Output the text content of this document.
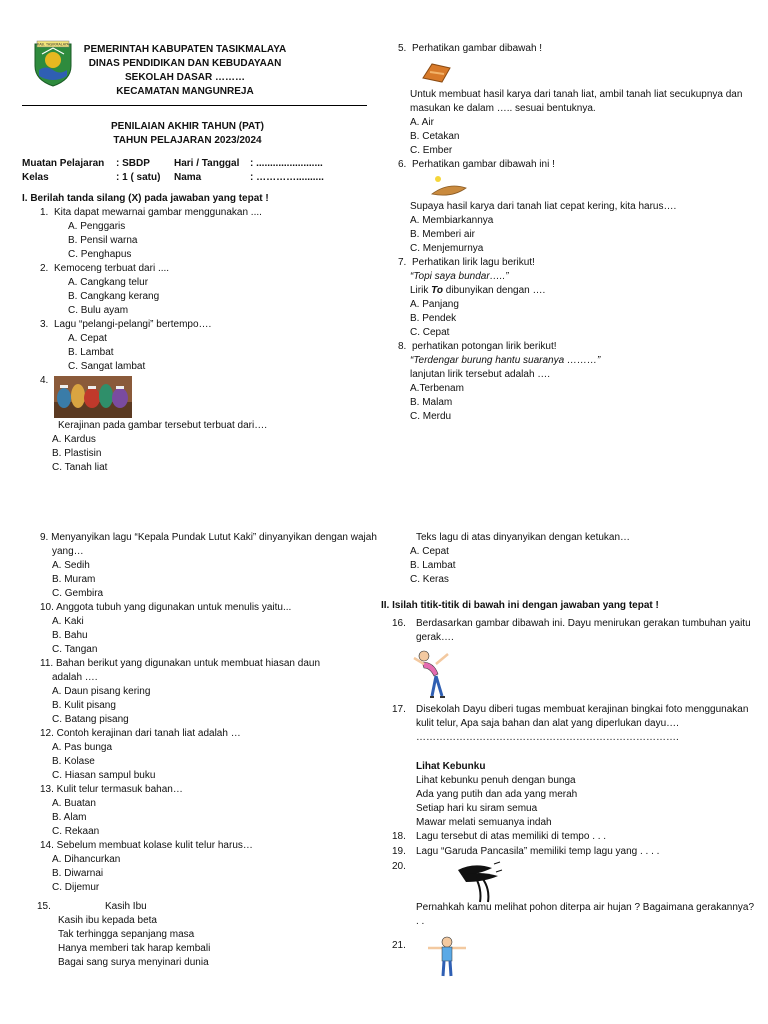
KAB. TASIKMALAYA	PEMERINTAH KABUPATEN TASIKMALAYA
DINAS PENDIDIKAN DAN KEBUDAYAAN
SEKOLAH DASAR ………
KECAMATAN MANGUNREJA
PENILAIAN AKHIR TAHUN (PAT)
TAHUN PELAJARAN 2023/2024
Muatan Pelajaran : SBDP Hari / Tanggal : ........................
Kelas	: 1 ( satu) Nama	: …………..........
I. Berilah tanda silang (X) pada jawaban yang tepat !
1. Kita dapat mewarnai gambar menggunakan ....
A. Penggaris
B. Pensil warna
C. Penghapus
2. Kemoceng terbuat dari ....
A. Cangkang telur
B. Cangkang kerang
C. Bulu ayam
3. Lagu “pelangi-pelangi” bertempo….
A. Cepat
B. Lambat
C. Sangat lambat
4.
Kerajinan pada gambar tersebut terbuat dari….
A. Kardus
B. Plastisin
C. Tanah liat
5. Perhatikan gambar dibawah !
Untuk membuat hasil karya dari tanah liat, ambil tanah liat secukupnya dan
masukan ke dalam ….. sesuai bentuknya.
A. Air
B. Cetakan
C. Ember
6. Perhatikan gambar dibawah ini !
Supaya hasil karya dari tanah liat cepat kering, kita harus….
A. Membiarkannya
B. Memberi air
C. Menjemurnya
7. Perhatikan lirik lagu berikut!
“Topi saya bundar…..”
Lirik To dibunyikan dengan ….
A. Panjang
B. Pendek
C. Cepat
8. perhatikan potongan lirik berikut!
“Terdengar burung hantu suaranya ………”
lanjutan lirik tersebut adalah ….
A.Terbenam
B. Malam
C. Merdu
9. Menyanyikan lagu “Kepala Pundak Lutut Kaki” dinyanyikan dengan wajah
yang…
A. Sedih
B. Muram
C. Gembira
10. Anggota tubuh yang digunakan untuk menulis yaitu...
A. Kaki
B. Bahu
C. Tangan
11. Bahan berikut yang digunakan untuk membuat hiasan daun
adalah ….
A. Daun pisang kering
B. Kulit pisang
C. Batang pisang
12. Contoh kerajinan dari tanah liat adalah …
A. Pas bunga
B. Kolase
C. Hiasan sampul buku
13. Kulit telur termasuk bahan…
A. Buatan
B. Alam
C. Rekaan
14. Sebelum membuat kolase kulit telur harus…
A. Dihancurkan
B. Diwarnai
C. Dijemur
15.	Kasih Ibu
Kasih ibu kepada beta
Tak terhingga sepanjang masa
Hanya memberi tak harap kembali
Bagai sang surya menyinari dunia
Teks lagu di atas dinyanyikan dengan ketukan…
A. Cepat
B. Lambat
C. Keras
II. Isilah titik-titik di bawah ini dengan jawaban yang tepat !
16. Berdasarkan gambar dibawah ini. Dayu menirukan gerakan tumbuhan yaitu
gerak….
17. Disekolah Dayu diberi tugas membuat kerajinan bingkai foto menggunakan
kulit telur, Apa saja bahan dan alat yang diperlukan dayu….
…………………………………………………………………….
Lihat Kebunku
Lihat kebunku penuh dengan bunga
Ada yang putih dan ada yang merah
Setiap hari ku siram semua
Mawar melati semuanya indah
18. Lagu tersebut di atas memiliki di tempo . . .
19. Lagu “Garuda Pancasila” memiliki temp lagu yang . . . .
20.
Pernahkah kamu melihat pohon diterpa air hujan ? Bagaimana gerakannya?
. .
21.
